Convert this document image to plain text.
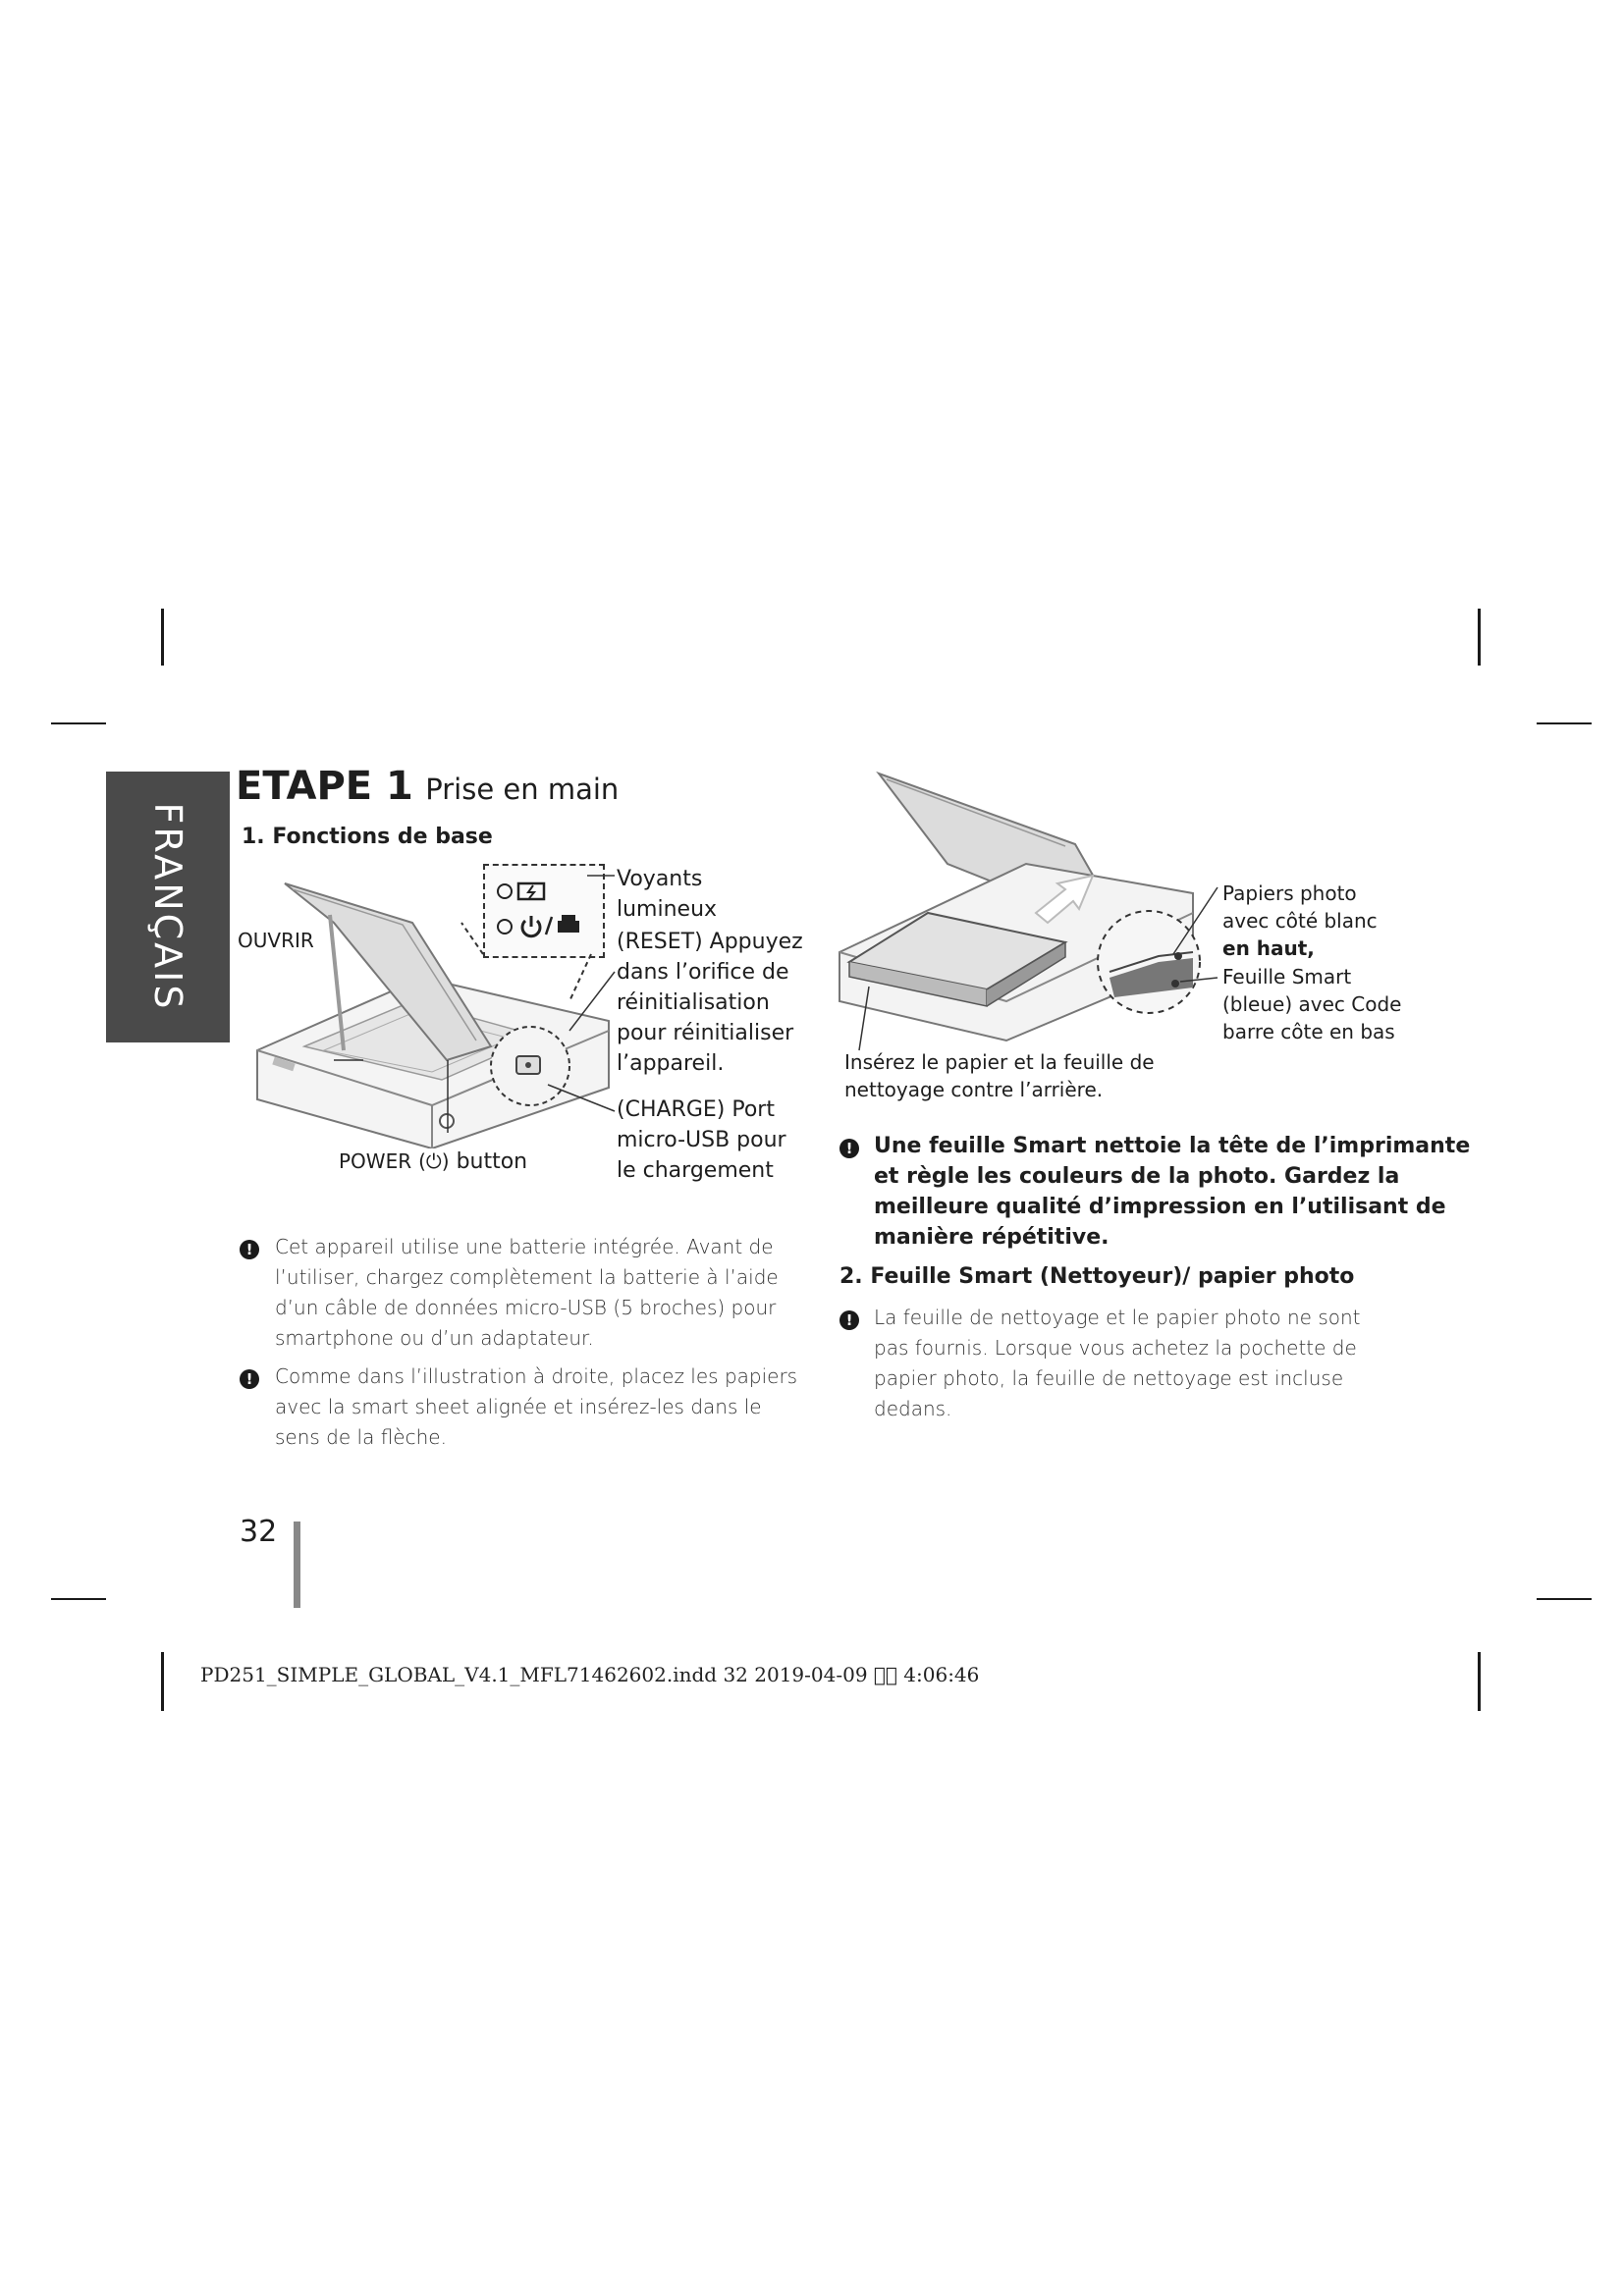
FRANÇAIS
ETAPE 1 Prise en main
1. Fonctions de base
OUVRIR
Voyants
lumineux
(RESET) Appuyez
dans l’orifice de
réinitialisation
pour réinitialiser
l’appareil.
(CHARGE) Port
micro-USB pour
le chargement
POWER (⏻) button
!	Cet appareil utilise une batterie intégrée. Avant de
l’utiliser, chargez complètement la batterie à l’aide
d’un câble de données micro-USB (5 broches) pour
smartphone ou d’un adaptateur.
!	Comme dans l’illustration à droite, placez les papiers
avec la smart sheet alignée et insérez-les dans le
sens de la flèche.
32
Papiers photo
avec côté blanc
en haut,
Feuille Smart
(bleue) avec Code
barre côte en bas
Insérez le papier et la feuille de
nettoyage contre l’arrière.
! Une feuille Smart nettoie la tête de l’imprimante
et règle les couleurs de la photo. Gardez la
meilleure qualité d’impression en l’utilisant de
manière répétitive.
2. Feuille Smart (Nettoyeur)/ papier photo
!	La feuille de nettoyage et le papier photo ne sont
pas fournis. Lorsque vous achetez la pochette de
papier photo, la feuille de nettoyage est incluse
dedans.
PD251_SIMPLE_GLOBAL_V4.1_MFL71462602.indd 32 2019-04-09    4:06:46
